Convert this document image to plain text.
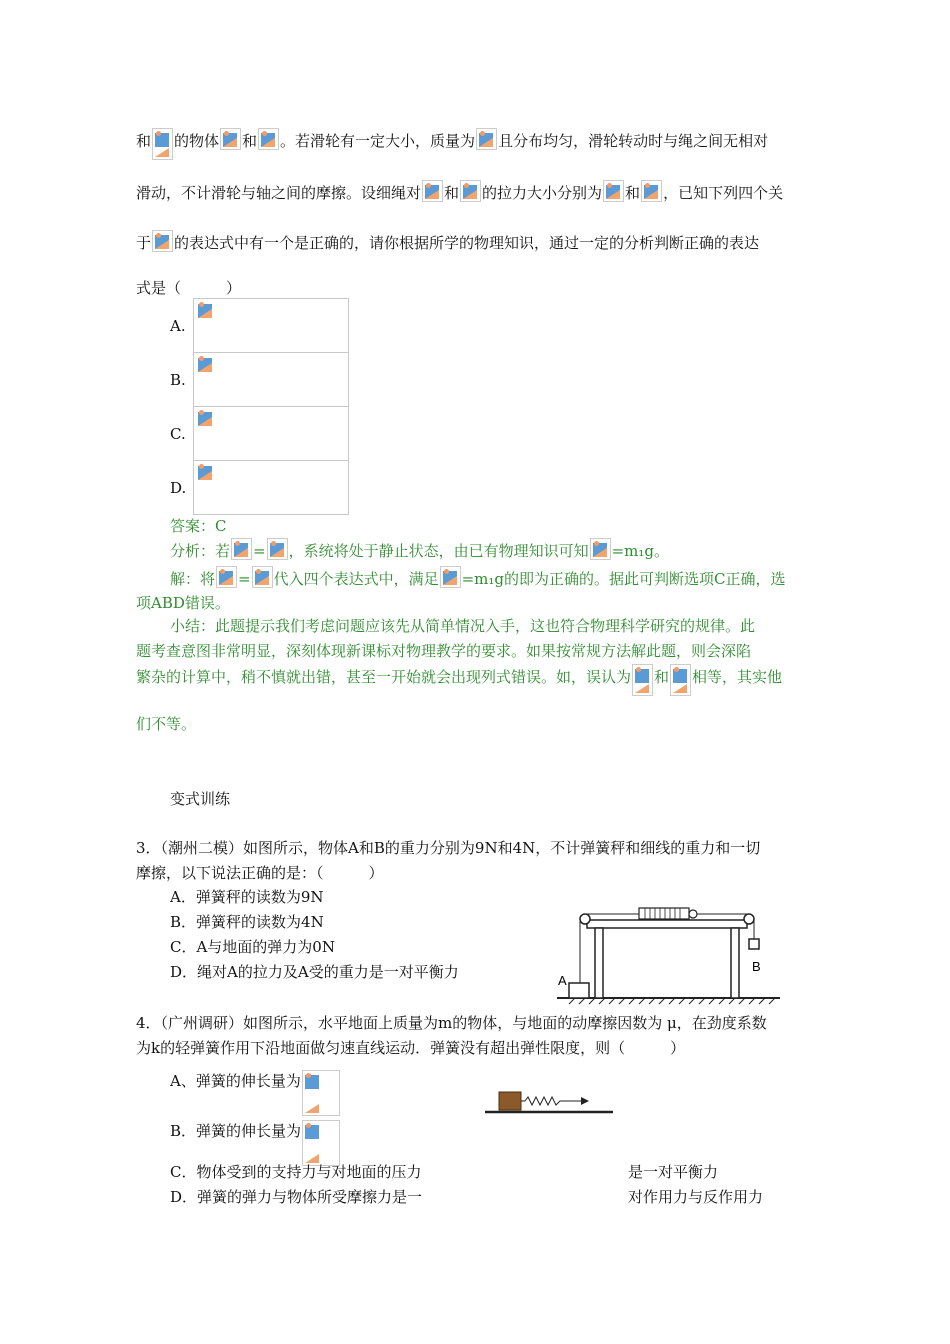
和 的物体 和 。若滑轮有一定大小，质量为 且分布均匀，滑轮转动时与绳之间无相对
滑动，不计滑轮与轴之间的摩擦。设细绳对 和 的拉力大小分别为 和 ，已知下列四个关
于 的表达式中有一个是正确的，请你根据所学的物理知识，通过一定的分析判断正确的表达
式是（　　　）
A.
B.
C.
D.
答案：C
分析：若 = ，系统将处于静止状态，由已有物理知识可知 =m₁g。
解：将 = 代入四个表达式中，满足 =m₁g的即为正确的。据此可判断选项C正确，选
项ABD错误。
小结：此题提示我们考虑问题应该先从简单情况入手，这也符合物理科学研究的规律。此
题考查意图非常明显，深刻体现新课标对物理教学的要求。如果按常规方法解此题，则会深陷
繁杂的计算中，稍不慎就出错，甚至一开始就会出现列式错误。如，误认为 和 相等，其实他
们不等。
变式训练
3．（潮州二模）如图所示，物体A和B的重力分别为9N和4N，不计弹簧秤和细线的重力和一切
摩擦，以下说法正确的是：（　　　）
A．弹簧秤的读数为9N
B．弹簧秤的读数为4N
C．A与地面的弹力为0N
D．绳对A的拉力及A受的重力是一对平衡力	A
B
4．（广州调研）如图所示，水平地面上质量为m的物体，与地面的动摩擦因数为 μ，在劲度系数
为k的轻弹簧作用下沿地面做匀速直线运动．弹簧没有超出弹性限度，则（　　　）
A、弹簧的伸长量为
B．弹簧的伸长量为
C．物体受到的支持力与对地面的压力	是一对平衡力
D．弹簧的弹力与物体所受摩擦力是一	对作用力与反作用力
